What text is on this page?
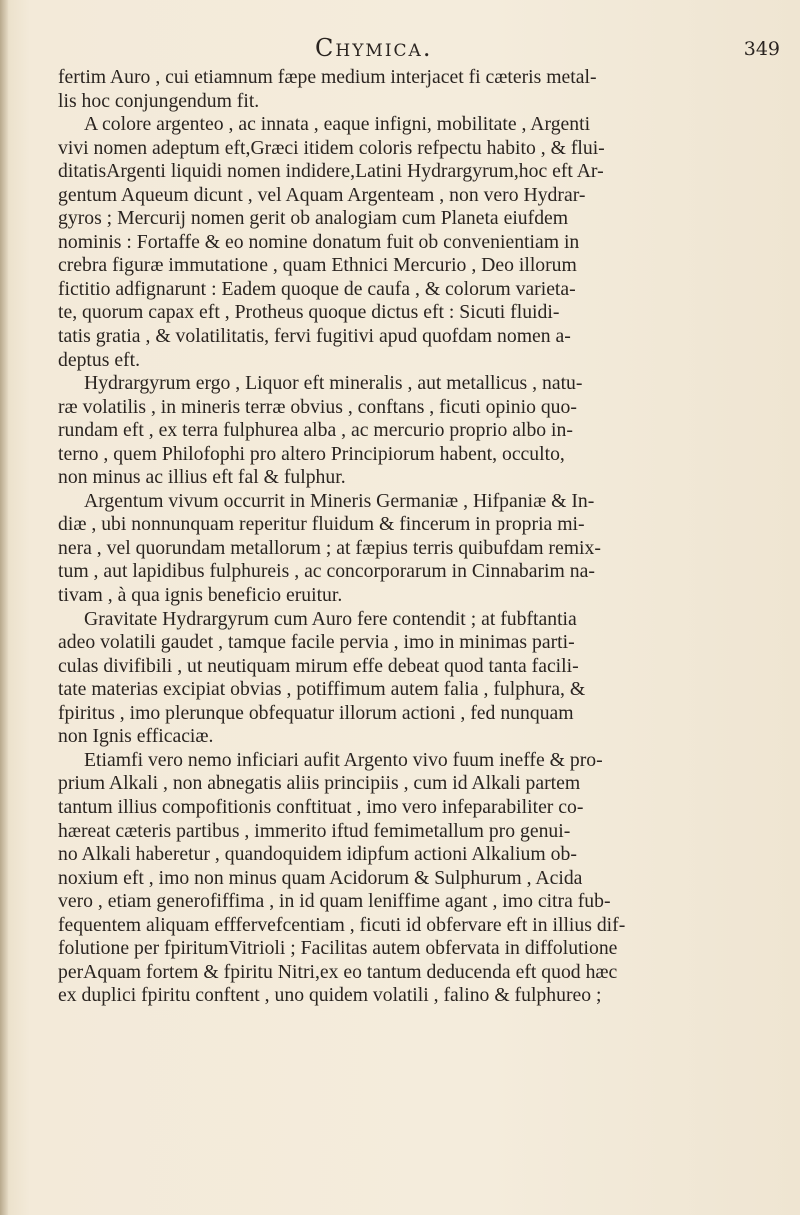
Chymica.	349
fertim Auro , cui etiamnum fæpe medium interjacet fi cæteris metal-
lis hoc conjungendum fit.
A colore argenteo , ac innata , eaque infigni, mobilitate , Argenti
vivi nomen adeptum eft,Græci itidem coloris refpectu habito , & flui-
ditatisArgenti liquidi nomen indidere,Latini Hydrargyrum,hoc eft Ar-
gentum Aqueum dicunt , vel Aquam Argenteam , non vero Hydrar-
gyros ; Mercurij nomen gerit ob analogiam cum Planeta eiufdem
nominis : Fortaffe & eo nomine donatum fuit ob convenientiam in
crebra figuræ immutatione , quam Ethnici Mercurio , Deo illorum
fictitio adfignarunt : Eadem quoque de caufa , & colorum varieta-
te, quorum capax eft , Protheus quoque dictus eft : Sicuti fluidi-
tatis gratia , & volatilitatis, fervi fugitivi apud quofdam nomen a-
deptus eft.
Hydrargyrum ergo , Liquor eft mineralis , aut metallicus , natu-
ræ volatilis , in mineris terræ obvius , conftans , ficuti opinio quo-
rundam eft , ex terra fulphurea alba , ac mercurio proprio albo in-
terno , quem Philofophi pro altero Principiorum habent, occulto,
non minus ac illius eft fal & fulphur.
Argentum vivum occurrit in Mineris Germaniæ , Hifpaniæ & In-
diæ , ubi nonnunquam reperitur fluidum & fincerum in propria mi-
nera , vel quorundam metallorum ; at fæpius terris quibufdam remix-
tum , aut lapidibus fulphureis , ac concorporarum in Cinnabarim na-
tivam , à qua ignis beneficio eruitur.
Gravitate Hydrargyrum cum Auro fere contendit ; at fubftantia
adeo volatili gaudet , tamque facile pervia , imo in minimas parti-
culas divifibili , ut neutiquam mirum effe debeat quod tanta facili-
tate materias excipiat obvias , potiffimum autem falia , fulphura, &
fpiritus , imo plerunque obfequatur illorum actioni , fed nunquam
non Ignis efficaciæ.
Etiamfi vero nemo inficiari aufit Argento vivo fuum ineffe & pro-
prium Alkali , non abnegatis aliis principiis , cum id Alkali partem
tantum illius compofitionis conftituat , imo vero infeparabiliter co-
hæreat cæteris partibus , immerito iftud femimetallum pro genui-
no Alkali haberetur , quandoquidem idipfum actioni Alkalium ob-
noxium eft , imo non minus quam Acidorum & Sulphurum , Acida
vero , etiam generofiffima , in id quam leniffime agant , imo citra fub-
fequentem aliquam efffervefcentiam , ficuti id obfervare eft in illius dif-
folutione per fpiritumVitrioli ; Facilitas autem obfervata in diffolutione
perAquam fortem & fpiritu Nitri,ex eo tantum deducenda eft quod hæc
ex duplici fpiritu conftent , uno quidem volatili , falino & fulphureo ;
